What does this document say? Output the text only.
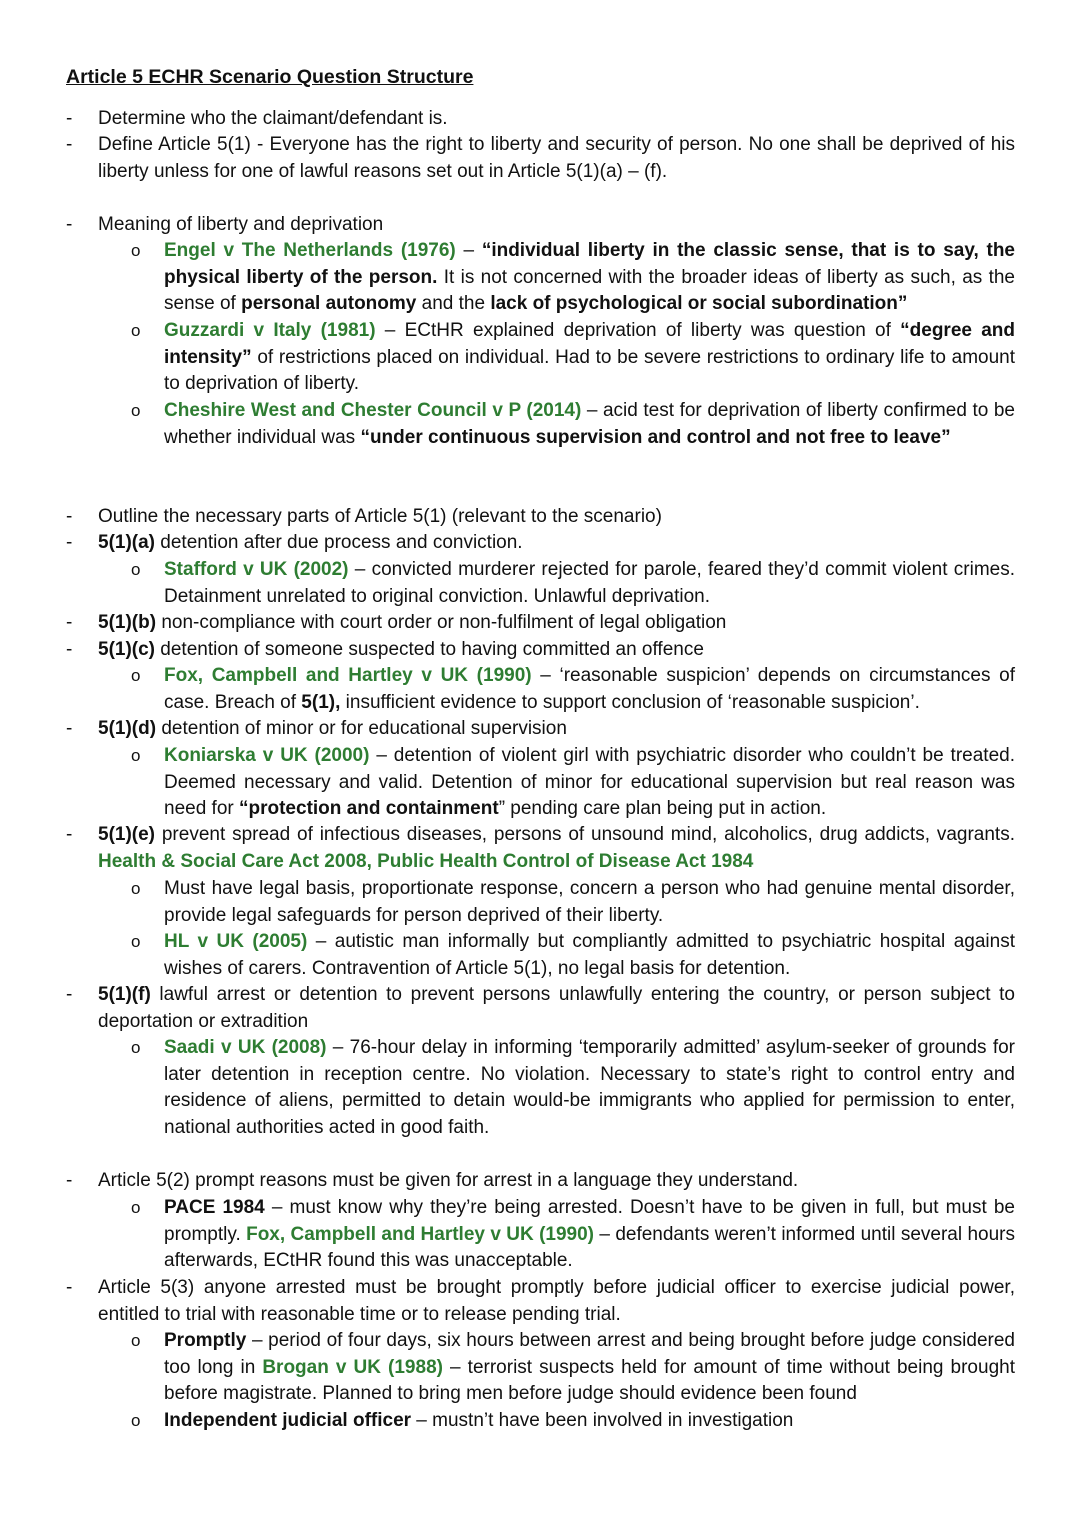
Article 5 ECHR Scenario Question Structure
- Determine who the claimant/defendant is.
- Define Article 5(1) - Everyone has the right to liberty and security of person. No one shall be deprived of his liberty unless for one of lawful reasons set out in Article 5(1)(a) – (f).
- Meaning of liberty and deprivation
o Engel v The Netherlands (1976) – “individual liberty in the classic sense, that is to say, the physical liberty of the person. It is not concerned with the broader ideas of liberty as such, as the sense of personal autonomy and the lack of psychological or social subordination”
o Guzzardi v Italy (1981) – ECtHR explained deprivation of liberty was question of “degree and intensity” of restrictions placed on individual. Had to be severe restrictions to ordinary life to amount to deprivation of liberty.
o Cheshire West and Chester Council v P (2014) – acid test for deprivation of liberty confirmed to be whether individual was “under continuous supervision and control and not free to leave”
- Outline the necessary parts of Article 5(1) (relevant to the scenario)
- 5(1)(a) detention after due process and conviction.
o Stafford v UK (2002) – convicted murderer rejected for parole, feared they’d commit violent crimes. Detainment unrelated to original conviction. Unlawful deprivation.
- 5(1)(b) non-compliance with court order or non-fulfilment of legal obligation
- 5(1)(c) detention of someone suspected to having committed an offence
o Fox, Campbell and Hartley v UK (1990) – ‘reasonable suspicion’ depends on circumstances of case. Breach of 5(1), insufficient evidence to support conclusion of ‘reasonable suspicion’.
- 5(1)(d) detention of minor or for educational supervision
o Koniarska v UK (2000) – detention of violent girl with psychiatric disorder who couldn’t be treated. Deemed necessary and valid. Detention of minor for educational supervision but real reason was need for “protection and containment” pending care plan being put in action.
- 5(1)(e) prevent spread of infectious diseases, persons of unsound mind, alcoholics, drug addicts, vagrants. Health & Social Care Act 2008, Public Health Control of Disease Act 1984
o Must have legal basis, proportionate response, concern a person who had genuine mental disorder, provide legal safeguards for person deprived of their liberty.
o HL v UK (2005) – autistic man informally but compliantly admitted to psychiatric hospital against wishes of carers. Contravention of Article 5(1), no legal basis for detention.
- 5(1)(f) lawful arrest or detention to prevent persons unlawfully entering the country, or person subject to deportation or extradition
o Saadi v UK (2008) – 76-hour delay in informing ‘temporarily admitted’ asylum-seeker of grounds for later detention in reception centre. No violation. Necessary to state’s right to control entry and residence of aliens, permitted to detain would-be immigrants who applied for permission to enter, national authorities acted in good faith.
- Article 5(2) prompt reasons must be given for arrest in a language they understand.
o PACE 1984 – must know why they’re being arrested. Doesn’t have to be given in full, but must be promptly. Fox, Campbell and Hartley v UK (1990) – defendants weren’t informed until several hours afterwards, ECtHR found this was unacceptable.
- Article 5(3) anyone arrested must be brought promptly before judicial officer to exercise judicial power, entitled to trial with reasonable time or to release pending trial.
o Promptly – period of four days, six hours between arrest and being brought before judge considered too long in Brogan v UK (1988) – terrorist suspects held for amount of time without being brought before magistrate. Planned to bring men before judge should evidence been found
o Independent judicial officer – mustn’t have been involved in investigation
